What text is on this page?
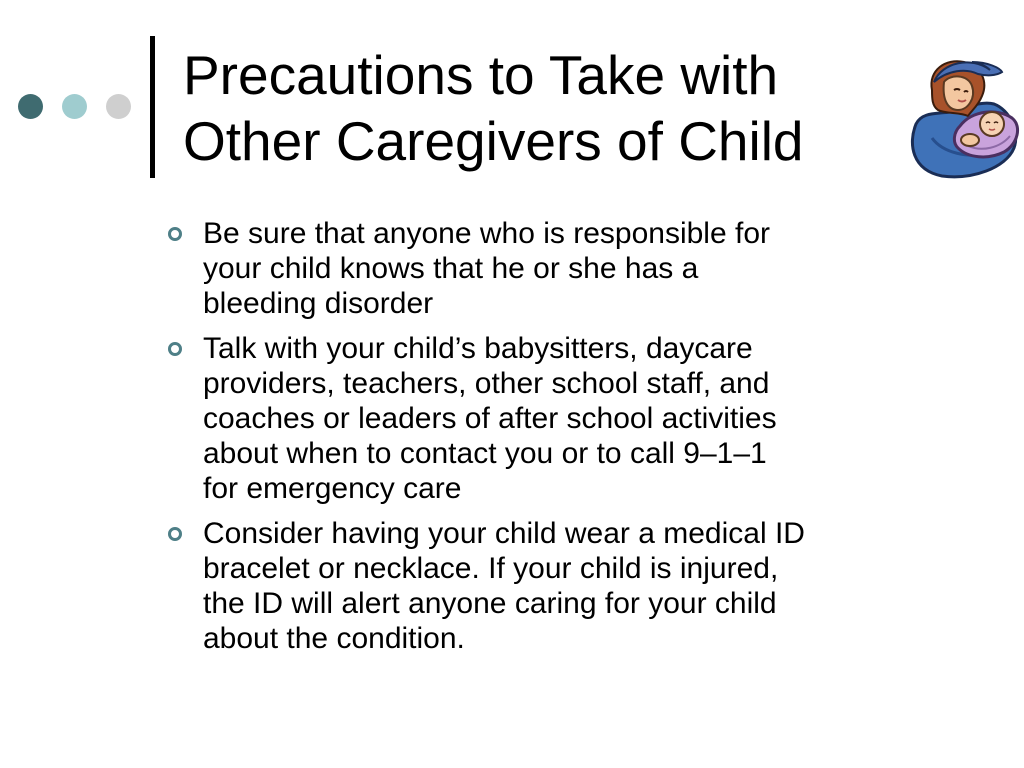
Precautions to Take with
Other Caregivers of Child
Be sure that anyone who is responsible for
your child knows that he or she has a
bleeding disorder
Talk with your child’s babysitters, daycare
providers, teachers, other school staff, and
coaches or leaders of after school activities
about when to contact you or to call 9–1–1
for emergency care
Consider having your child wear a medical ID
bracelet or necklace. If your child is injured,
the ID will alert anyone caring for your child
about the condition.
